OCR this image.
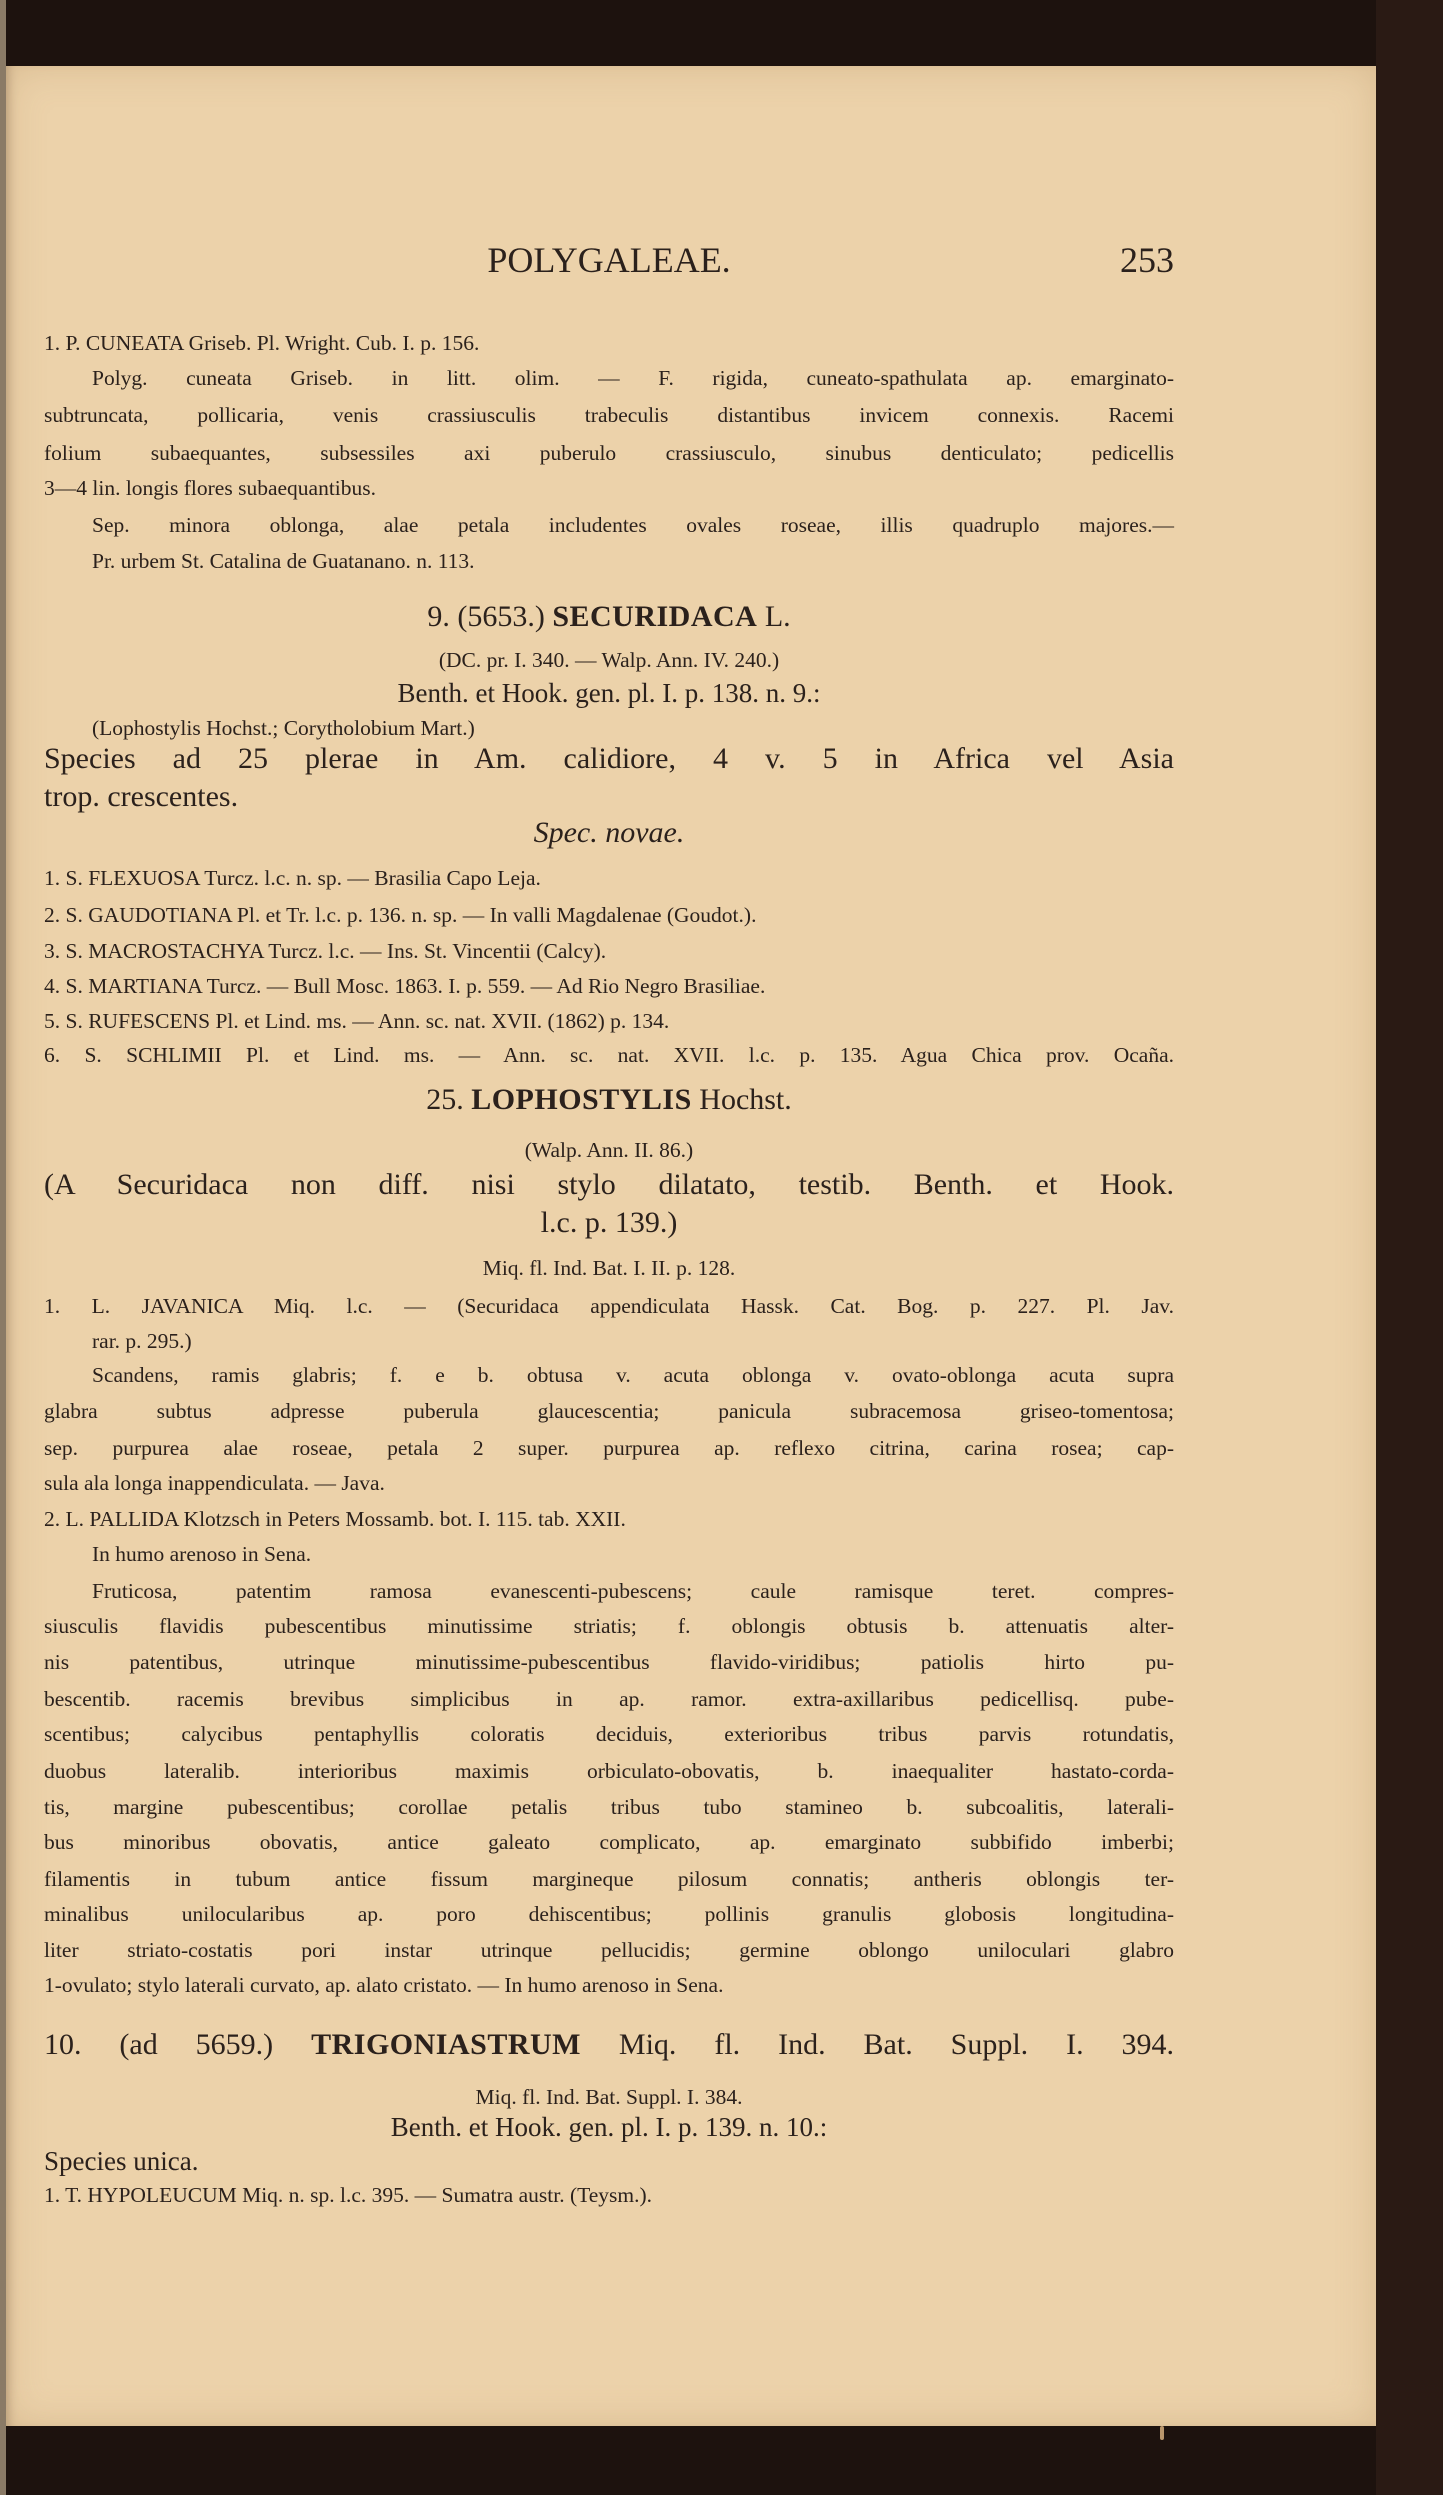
POLYGALEAE.	253
1. P. CUNEATA Griseb. Pl. Wright. Cub. I. p. 156.
Polyg. cuneata Griseb. in litt. olim. — F. rigida, cuneato-spathulata ap. emarginato-
subtruncata, pollicaria, venis crassiusculis trabeculis distantibus invicem connexis. Racemi
folium subaequantes, subsessiles axi puberulo crassiusculo, sinubus denticulato; pedicellis
3—4 lin. longis flores subaequantibus.
Sep. minora oblonga, alae petala includentes ovales roseae, illis quadruplo majores.—
Pr. urbem St. Catalina de Guatanano. n. 113.
9. (5653.) SECURIDACA L.
(DC. pr. I. 340. — Walp. Ann. IV. 240.)
Benth. et Hook. gen. pl. I. p. 138. n. 9.:
(Lophostylis Hochst.; Corytholobium Mart.)
Species ad 25 plerae in Am. calidiore, 4 v. 5 in Africa vel Asia
trop. crescentes.
Spec. novae.
1. S. FLEXUOSA Turcz. l.c. n. sp. — Brasilia Capo Leja.
2. S. GAUDOTIANA Pl. et Tr. l.c. p. 136. n. sp. — In valli Magdalenae (Goudot.).
3. S. MACROSTACHYA Turcz. l.c. — Ins. St. Vincentii (Calcy).
4. S. MARTIANA Turcz. — Bull Mosc. 1863. I. p. 559. — Ad Rio Negro Brasiliae.
5. S. RUFESCENS Pl. et Lind. ms. — Ann. sc. nat. XVII. (1862) p. 134.
6. S. SCHLIMII Pl. et Lind. ms. — Ann. sc. nat. XVII. l.c. p. 135. Agua Chica prov. Ocaña.
25. LOPHOSTYLIS Hochst.
(Walp. Ann. II. 86.)
(A Securidaca non diff. nisi stylo dilatato, testib. Benth. et Hook.
l.c. p. 139.)
Miq. fl. Ind. Bat. I. II. p. 128.
1. L. JAVANICA Miq. l.c. — (Securidaca appendiculata Hassk. Cat. Bog. p. 227. Pl. Jav.
rar. p. 295.)
Scandens, ramis glabris; f. e b. obtusa v. acuta oblonga v. ovato-oblonga acuta supra
glabra subtus adpresse puberula glaucescentia; panicula subracemosa griseo-tomentosa;
sep. purpurea alae roseae, petala 2 super. purpurea ap. reflexo citrina, carina rosea; cap-
sula ala longa inappendiculata. — Java.
2. L. PALLIDA Klotzsch in Peters Mossamb. bot. I. 115. tab. XXII.
In humo arenoso in Sena.
Fruticosa, patentim ramosa evanescenti-pubescens; caule ramisque teret. compres-
siusculis flavidis pubescentibus minutissime striatis; f. oblongis obtusis b. attenuatis alter-
nis patentibus, utrinque minutissime-pubescentibus flavido-viridibus; patiolis hirto pu-
bescentib. racemis brevibus simplicibus in ap. ramor. extra-axillaribus pedicellisq. pube-
scentibus; calycibus pentaphyllis coloratis deciduis, exterioribus tribus parvis rotundatis,
duobus lateralib. interioribus maximis orbiculato-obovatis, b. inaequaliter hastato-corda-
tis, margine pubescentibus; corollae petalis tribus tubo stamineo b. subcoalitis, laterali-
bus minoribus obovatis, antice galeato complicato, ap. emarginato subbifido imberbi;
filamentis in tubum antice fissum margineque pilosum connatis; antheris oblongis ter-
minalibus unilocularibus ap. poro dehiscentibus; pollinis granulis globosis longitudina-
liter striato-costatis pori instar utrinque pellucidis; germine oblongo uniloculari glabro
1-ovulato; stylo laterali curvato, ap. alato cristato. — In humo arenoso in Sena.
10. (ad 5659.) TRIGONIASTRUM Miq. fl. Ind. Bat. Suppl. I. 394.
Miq. fl. Ind. Bat. Suppl. I. 384.
Benth. et Hook. gen. pl. I. p. 139. n. 10.:
Species unica.
1. T. HYPOLEUCUM Miq. n. sp. l.c. 395. — Sumatra austr. (Teysm.).
